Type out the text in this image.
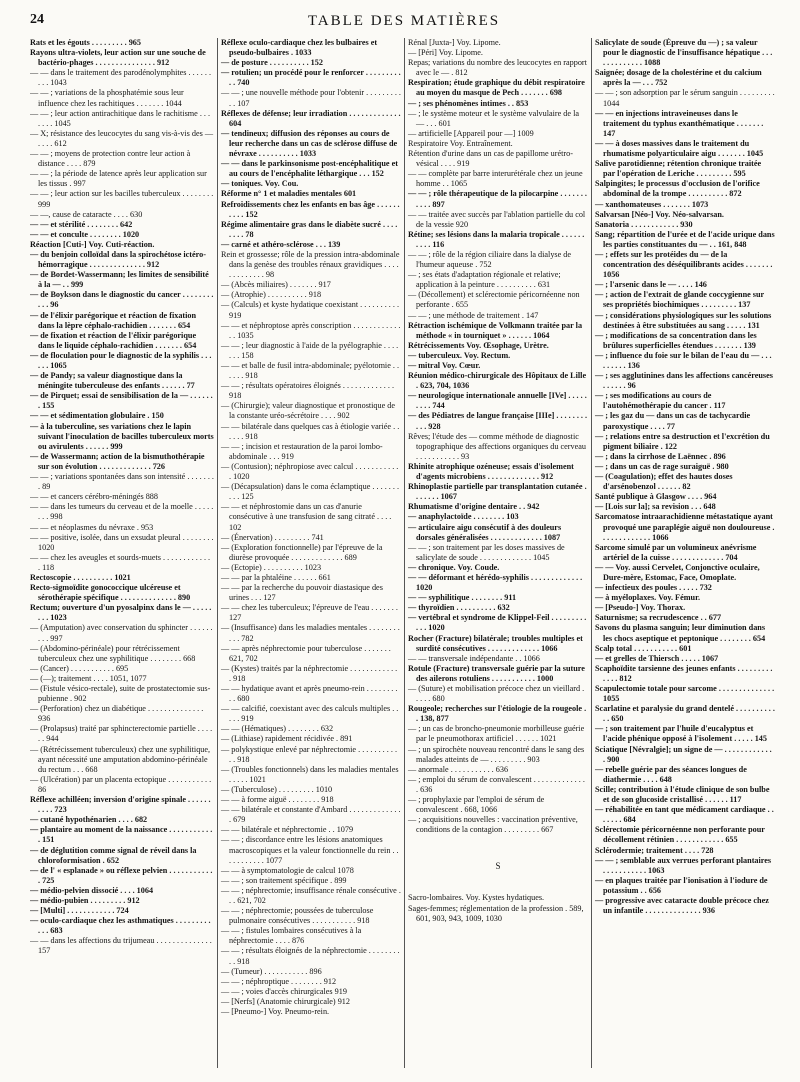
24	TABLE DES MATIÈRES

Rats et les égouts . . . . . . . . . 965

Rayons ultra-violets, leur action sur une souche de bactério-phages . . . . . . . . . . . . . . . 912

— — dans le traitement des parodénolymphites . . . . . . . . . 1043

— — ; variations de la phosphatémie sous leur influence chez les rachitiques . . . . . . . 1044

— — ; leur action antirachitique dans le rachitisme . . . . . . . 1045

— X; résistance des leucocytes du sang vis-à-vis des — . . . . 612

— — ; moyens de protection contre leur action à distance . . . . 879

— — ; la période de latence après leur application sur les tissus . 997

— — ; leur action sur les bacilles tuberculeux . . . . . . . . 999

— —, cause de cataracte . . . . 630

— — et stérilité . . . . . . . . 642

— — et conculte . . . . . . . . 1020

Réaction [Cuti-] Voy. Cuti-réaction.

— du benjoin colloïdal dans la spirochétose ictéro-hémorragique . . . . . . . . . . . . . . 912

— de Bordet-Wassermann; les limites de sensibilité à la — . . 999

— de Boykson dans le diagnostic du cancer . . . . . . . . . . . 96

— de l'élixir parégorique et réaction de fixation dans la lèpre céphalo-rachidien . . . . . . . 654

— de fixation et réaction de l'élixir parégorique dans le liquide céphalo-rachidien . . . . . . . 654

— de floculation pour le diagnostic de la syphilis . . . . . . 1065

— de Pandy; sa valeur diagnostique dans la méningite tuberculeuse des enfants . . . . . . 77

— de Pirquet; essai de sensibilisation de la — . . . . . . . 155

— — et sédimentation globulaire . 150

— à la tuberculine, ses variations chez le lapin suivant l'inoculation de bacilles tuberculeux morts ou avirulents . . . . . . 999

— de Wassermann; action de la bismuthothérapie sur son évolution . . . . . . . . . . . . . 726

— — ; variations spontanées dans son intensité . . . . . . . . 89

— — et cancers cérébro-méningés 888

— — dans les tumeurs du cerveau et de la moelle . . . . . . . . 998

— — et néoplasmes du névraxe . 953

— — positive, isolée, dans un exsudat pleural . . . . . . . . 1020

— — chez les aveugles et sourds-muets . . . . . . . . . . . . . 118

Rectoscopie . . . . . . . . . . 1021

Recto-sigmoïdite gonococcique ulcéreuse et sérothérapie spécifique . . . . . . . . . . . . . . 890

Rectum; ouverture d'un pyosalpinx dans le — . . . . . . . . 1023

— (Amputation) avec conservation du sphincter . . . . . . . . . 997

— (Abdomino-périnéale) pour rétrécissement tuberculeux chez une syphilitique . . . . . . . . 668

— (Cancer) . . . . . . . . . . . 695

— (—); traitement . . . . 1051, 1077

— (Fistule vésico-rectale), suite de prostatectomie sus-pubienne . 902

— (Perforation) chez un diabétique . . . . . . . . . . . . . . 936

— (Prolapsus) traité par sphincterectomie partielle . . . . . . 944

— (Rétrécissement tuberculeux) chez une syphilitique, ayant nécessité une amputation abdomino-périnéale du rectum . . . 668

— (Ulcération) par un placenta ectopique . . . . . . . . . . . 86

Réflexe achilléen; inversion d'origine spinale . . . . . . . . . . 723

— cutané hypothénarien . . . . 682

— plantaire au moment de la naissance . . . . . . . . . . . . 151

— de déglutition comme signal de réveil dans la chloroformisation . 652

— de l' « esplanade » ou réflexe pelvien . . . . . . . . . . . . 725

— médio-pelvien dissocié . . . . 1064

— médio-pubien . . . . . . . . . 912

— [Multi] . . . . . . . . . . . . 724

— oculo-cardiaque chez les asthmatiques . . . . . . . . . . . . 683

— — dans les affections du trijumeau . . . . . . . . . . . . . . 157

Réflexe oculo-cardiaque chez les bulbaires et pseudo-bulbaires . 1033

— de posture . . . . . . . . . . 152

— rotulien; un procédé pour le renforcer . . . . . . . . . . . 740

— — ; une nouvelle méthode pour l'obtenir . . . . . . . . . . . 107

Réflexes de défense; leur irradiation . . . . . . . . . . . . . 604

— tendineux; diffusion des réponses au cours de leur recherche dans un cas de sclérose diffuse de névraxe . . . . . . . . . . 1033

— — dans le parkinsonisme post-encéphalitique et au cours de l'encéphalite léthargique . . . 152

— toniques. Voy. Cou.

Réforme n° 1 et maladies mentales 601

Refroidissements chez les enfants en bas âge . . . . . . . . . . 152

Régime alimentaire gras dans le diabète sucré . . . . . . . . 78

— carné et athéro-sclérose . . . 139

Rein et grossesse; rôle de la pression intra-abdominale dans la genèse des troubles rénaux gravidiques . . . . . . . . . . . . . 98

— (Abcès miliaires) . . . . . . . 917

— (Atrophie) . . . . . . . . . . 918

— (Calculs) et kyste hydatique coexistant . . . . . . . . . . 919

— — et néphroptose après conscription . . . . . . . . . . . . . . 1035

— — ; leur diagnostic à l'aide de la pyélographie . . . . . . . 158

— — et balle de fusil intra-abdominale; pyélotomie . . . . . . 918

— — ; résultats opératoires éloignés . . . . . . . . . . . . . 918

— (Chirurgie); valeur diagnostique et pronostique de la constante uréo-sécrétoire . . . . 902

— — bilatérale dans quelques cas à étiologie variée . . . . . . 918

— — ; incision et restauration de la paroi lombo-abdominale . . . 919

— (Contusion); néphropiose avec calcul . . . . . . . . . . . . 1020

— (Décapsulation) dans le coma éclamptique . . . . . . . . . . 125

— — et néphrostomie dans un cas d'anurie consécutive à une transfusion de sang citraté . . . . 102

— (Énervation) . . . . . . . . . 741

— (Exploration fonctionnelle) par l'épreuve de la diurèse provoquée . . . . . . . . . . . . . 689

— (Ectopie) . . . . . . . . . . 1023

— — par la phtaléine . . . . . . 661

— — par la recherche du pouvoir diastasique des urines . . . 127

— — chez les tuberculeux; l'épreuve de l'eau . . . . . . . 127

— (Insuffisance) dans les maladies mentales . . . . . . . . . . . 782

— — après néphrectomie pour tuberculose . . . . . . . 621, 702

— (Kystes) traités par la néphrectomie . . . . . . . . . . . . . 918

— — hydatique avant et après pneumo-rein . . . . . . . . . . 680

— — calcifié, coexistant avec des calculs multiples . . . . . 919

— — (Hématiques) . . . . . . . . 632

— (Lithiase) rapidement récidivée . 891

— polykystique enlevé par néphrectomie . . . . . . . . . . . . 918

— (Troubles fonctionnels) dans les maladies mentales . . . . . 1021

— (Tuberculose) . . . . . . . . . 1010

— — à forme aiguë . . . . . . . . 918

— — bilatérale et constante d'Ambard . . . . . . . . . . . . . . 679

— — bilatérale et néphrectomie . . 1079

— — ; discordance entre les lésions anatomiques macroscopiques et la valeur fonctionnelle du rein . . . . . . . . . . . 1077

— — à symptomatologie de calcul 1078

— — ; son traitement spécifique . 899

— — ; néphrectomie; insuffisance rénale consécutive . . . 621, 702

— — ; néphrectomie; poussées de tuberculose pulmonaire consécutives . . . . . . . . . . . 918

— — ; fistules lombaires consécutives à la néphrectomie . . . . 876

— — ; résultats éloignés de la néphrectomie . . . . . . . . . . 918

— (Tumeur) . . . . . . . . . . . 896

— — ; néphroptique . . . . . . . . 912

— — ; voies d'accès chirurgicales 919

— [Nerfs] (Anatomie chirurgicale) 912

— [Pneumo-] Voy. Pneumo-rein.

Rénal [Juxta-] Voy. Lipome.

— [Péri] Voy. Lipome.

Repas; variations du nombre des leucocytes en rapport avec le — . 812

Respiration; étude graphique du débit respiratoire au moyen du masque de Pech . . . . . . . 698

— ; ses phénomènes intimes . . 853

— ; le système moteur et le système valvulaire de la — . . . 601

— artificielle [Appareil pour —] 1009

Respiratoire Voy. Entraînement.

Rétention d'urine dans un cas de papillome urétro-vésical . . . . 919

— — complète par barre interurétérale chez un jeune homme . . 1065

— — ; rôle thérapeutique de la pilocarpine . . . . . . . . . . . 897

— — traitée avec succès par l'ablation partielle du col de la vessie 920

Rétine; ses lésions dans la malaria tropicale . . . . . . . . . . 116

— — ; rôle de la région ciliaire dans la dialyse de l'humeur aqueuse . 752

— ; ses états d'adaptation régionale et relative; application à la peinture . . . . . . . . . . 631

— (Décollement) et sclérectomie péricornéenne non perforante . 655

— — ; une méthode de traitement . 147

Rétraction ischémique de Volkmann traitée par la méthode « in tourniquet » . . . . . . 1064

Rétrécissements Voy. Œsophage, Urètre.

— tuberculeux. Voy. Rectum.

— mitral Voy. Cœur.

Réunion médico-chirurgicale des Hôpitaux de Lille . 623, 704, 1036

— neurologique internationale annuelle [IVe] . . . . . . . . . 744

— des Pédiatres de langue française [IIIe] . . . . . . . . . . . 928

Rêves; l'étude des — comme méthode de diagnostic topographique des affections organiques du cerveau . . . . . . . . . . . 93

Rhinite atrophique ozéneuse; essais d'isolement d'agents microbiens . . . . . . . . . . . . . 912

Rhinoplastie partielle par transplantation cutanée . . . . . . . 1067

Rhumatisme d'origine dentaire . . 942

— anaphylactoïde . . . . . . . . 103

— articulaire aigu consécutif à des douleurs dorsales généralisées . . . . . . . . . . . . . 1087

— — ; son traitement par les doses massives de salicylate de soude . . . . . . . . . . . . . 1045

— chronique. Voy. Coude.

— — déformant et hérédo-syphilis . . . . . . . . . . . . . 1020

— — syphilitique . . . . . . . . 911

— thyroïdien . . . . . . . . . . 632

— vertébral et syndrome de Klippel-Feil . . . . . . . . . . . . 1020

Rocher (Fracture) bilatérale; troubles multiples et surdité consécutives . . . . . . . . . . . . . 1066

— — transversale indépendante . . 1066

Rotule (Fracture) transversale guérie par la suture des ailerons rotuliens . . . . . . . . . . . 1000

— (Suture) et mobilisation précoce chez un vieillard . . . . . 680

Rougeole; recherches sur l'étiologie de la rougeole . . 138, 877

— ; un cas de broncho-pneumonie morbilleuse guérie par le pneumothorax artificiel . . . . . . 1021

— ; un spirochète nouveau rencontré dans le sang des malades atteints de — . . . . . . . . . 903

— anormale . . . . . . . . . . . 636

— ; emploi du sérum de convalescent . . . . . . . . . . . . . . 636

— ; prophylaxie par l'emploi de sérum de convalescent . 668, 1066

— ; acquisitions nouvelles : vaccination préventive, conditions de la contagion . . . . . . . . . 667

S

Sacro-lombaires. Voy. Kystes hydatiques.

Sages-femmes; réglementation de la profession . 589, 601, 903, 943, 1009, 1030

Salicylate de soude (Épreuve du —) ; sa valeur pour le diagnostic de l'insuffisance hépatique . . . . . . . . . . . . . 1088

Saignée; dosage de la cholestérine et du calcium après la — . . . 752

— — ; son adsorption par le sérum sanguin . . . . . . . . . 1044

— — en injections intraveineuses dans le traitement du typhus exanthématique . . . . . . . 147

— — à doses massives dans le traitement du rhumatisme polyarticulaire aigu . . . . . . . 1045

Salive parotidienne; rétention chronique traitée par l'opération de Leriche . . . . . . . . . 595

Salpingites; le processus d'occlusion de l'orifice abdominal de la trompe . . . . . . . . . . 872

— xanthomateuses . . . . . . . 1073

Salvarsan [Néo-] Voy. Néo-salvarsan.

Sanatoria . . . . . . . . . . . . 930

Sang; répartition de l'urée et de l'acide urique dans les parties constituantes du — . . 161, 848

— ; effets sur les protéides du — de la concentration des déséquilibrants acides . . . . . . . 1056

— ; l'arsenic dans le — . . . . 146

— ; action de l'extrait de glande coccygienne sur ses propriétés biochimiques . . . . . . . . . 137

— ; considérations physiologiques sur les solutions destinées à être substituées au sang . . . . . 131

— ; modifications de sa concentration dans les brûlures superficielles étendues . . . . . . . 139

— ; influence du foie sur le bilan de l'eau du — . . . . . . . . . 136

— ; ses agglutinines dans les affections cancéreuses . . . . . . 96

— ; ses modifications au cours de l'autohémothérapie du cancer . 117

— ; les gaz du — dans un cas de tachycardie paroxystique . . . . 77

— ; relations entre sa destruction et l'excrétion du pigment biliaire . 122

— ; dans la cirrhose de Laënnec . 896

— ; dans un cas de rage suraiguë . 980

— (Coagulation); effet des hautes doses d'arsénobenzol . . . . . . 82

Santé publique à Glasgow . . . . 964

— [Lois sur la]; sa revision . . . 648

Sarcomatose intraarachidienne métastatique ayant provoqué une paraplégie aiguë non douloureuse . . . . . . . . . . . . . 1066

Sarcome simulé par un volumineux anévrisme artériel de la cuisse . . . . . . . . . . . . . 704

— — Voy. aussi Cervelet, Conjonctive oculaire, Dure-mère, Estomac, Face, Omoplate.

— infectieux des poules . . . . . 732

— à myéloplaxes. Voy. Fémur.

— [Pseudo-] Voy. Thorax.

Saturnisme; sa recrudescence . . 677

Savons du plasma sanguin; leur diminution dans les chocs aseptique et peptonique . . . . . . . . 654

Scalp total . . . . . . . . . . . 601

— et grelles de Thiersch . . . . . 1067

Scaphoïdite tarsienne des jeunes enfants . . . . . . . . . . . . . 812

Scapulectomie totale pour sarcome . . . . . . . . . . . . . . 1055

Scarlatine et paralysie du grand dentelé . . . . . . . . . . . . 650

— ; son traitement par l'huile d'eucalyptus et l'acide phénique opposé à l'isolement . . . . . 145

Sciatique [Névralgie]; un signe de — . . . . . . . . . . . . . 900

— rebelle guérie par des séances longues de diathermie . . . . 648

Scille; contribution à l'étude clinique de son bulbe et de son glucoside cristallisé . . . . . . 117

— réhabilitée en tant que médicament cardiaque . . . . . . . 684

Sclérectomie péricornéenne non perforante pour décollement rétinien . . . . . . . . . . . . 655

Sclérodermie; traitement . . . . 728

— — ; semblable aux verrues perforant plantaires . . . . . . . . . . . 1063

— en plaques traitée par l'ionisation à l'iodure de potassium . . 656

— progressive avec cataracte double précoce chez un infantile . . . . . . . . . . . . . . 936
